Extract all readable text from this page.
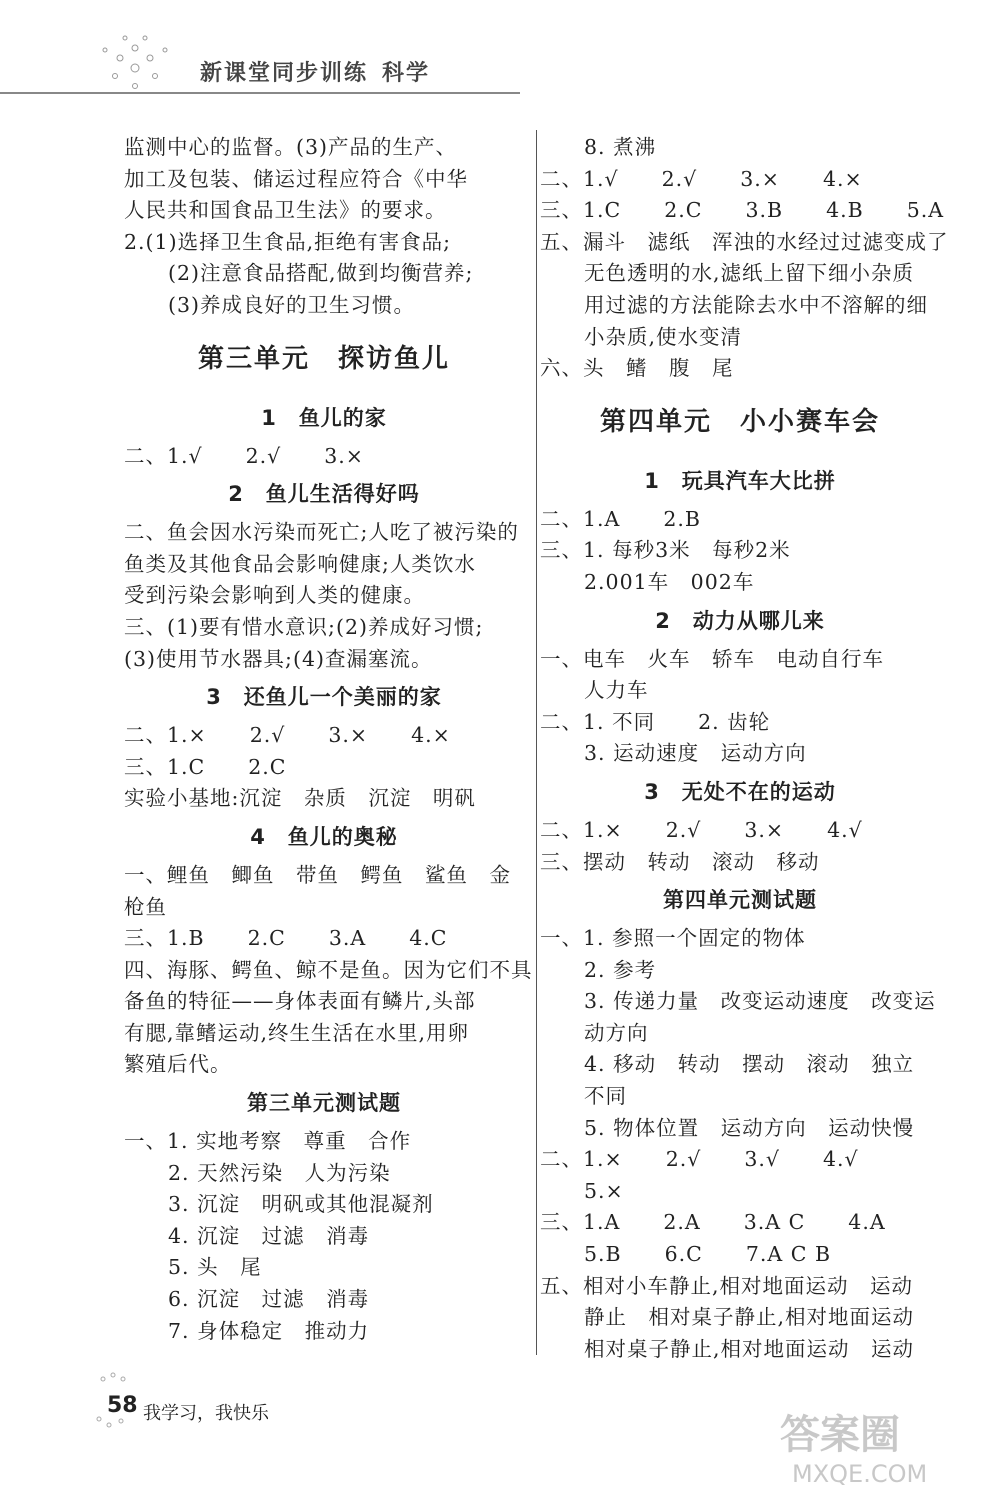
新课堂同步训练 科学
监测中心的监督。(3)产品的生产、
加工及包装、储运过程应符合《中华
人民共和国食品卫生法》的要求。
2.(1)选择卫生食品,拒绝有害食品;
(2)注意食品搭配,做到均衡营养;
(3)养成良好的卫生习惯。
第三单元　探访鱼儿
1　鱼儿的家
二、1.√　　2.√　　3.×
2　鱼儿生活得好吗
二、鱼会因水污染而死亡;人吃了被污染的
鱼类及其他食品会影响健康;人类饮水
受到污染会影响到人类的健康。
三、(1)要有惜水意识;(2)养成好习惯;
(3)使用节水器具;(4)查漏塞流。
3　还鱼儿一个美丽的家
二、1.×　　2.√　　3.×　　4.×
三、1.C　　2.C
实验小基地:沉淀　杂质　沉淀　明矾
4　鱼儿的奥秘
一、鲤鱼　鲫鱼　带鱼　鳄鱼　鲨鱼　金
枪鱼
三、1.B　　2.C　　3.A　　4.C
四、海豚、鳄鱼、鲸不是鱼。因为它们不具
备鱼的特征——身体表面有鳞片,头部
有腮,靠鳍运动,终生生活在水里,用卵
繁殖后代。
第三单元测试题
一、1. 实地考察　尊重　合作
2. 天然污染　人为污染
3. 沉淀　明矾或其他混凝剂
4. 沉淀　过滤　消毒
5. 头　尾
6. 沉淀　过滤　消毒
7. 身体稳定　推动力
8. 煮沸
二、1.√　　2.√　　3.×　　4.×
三、1.C　　2.C　　3.B　　4.B　　5.A
五、漏斗　滤纸　浑浊的水经过过滤变成了
无色透明的水,滤纸上留下细小杂质
用过滤的方法能除去水中不溶解的细
小杂质,使水变清
六、头　鳍　腹　尾
第四单元　小小赛车会
1　玩具汽车大比拼
二、1.A　　2.B
三、1. 每秒3米　每秒2米
2.001车　002车
2　动力从哪儿来
一、电车　火车　轿车　电动自行车
人力车
二、1. 不同　　2. 齿轮
3. 运动速度　运动方向
3　无处不在的运动
二、1.×　　2.√　　3.×　　4.√
三、摆动　转动　滚动　移动
第四单元测试题
一、1. 参照一个固定的物体
2. 参考
3. 传递力量　改变运动速度　改变运
动方向
4. 移动　转动　摆动　滚动　独立
不同
5. 物体位置　运动方向　运动快慢
二、1.×　　2.√　　3.√　　4.√
5.×
三、1.A　　2.A　　3.A C　　4.A
5.B　　6.C　　7.A C B
五、相对小车静止,相对地面运动　运动
静止　相对桌子静止,相对地面运动
相对桌子静止,相对地面运动　运动
58 我学习，我快乐	答案圈
MXQE.COM
